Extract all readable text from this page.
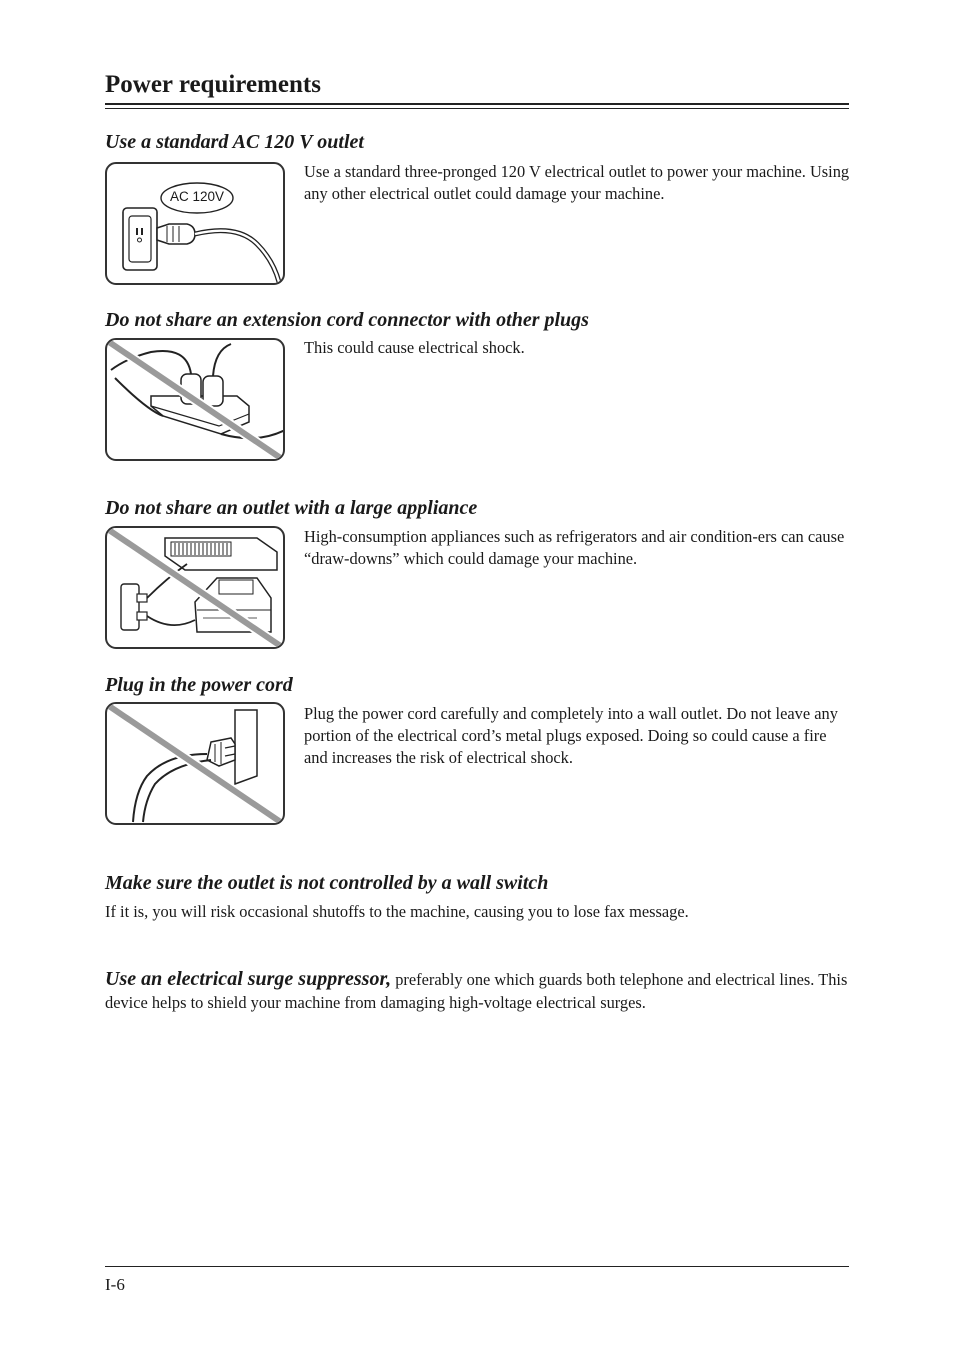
Power requirements
Use a standard AC 120 V outlet
AC 120V

Use a standard three-pronged 120 V electrical outlet to power your machine. Using any other electrical outlet could damage your machine.

Do not share an extension cord connector with other plugs

This could cause electrical shock.

Do not share an outlet with a large appliance

High-consumption appliances such as refrigerators and air condition-ers can cause “draw-downs” which could damage your machine.

Plug in the power cord

Plug the power cord carefully and completely into a wall outlet. Do not leave any portion of the electrical cord’s metal plugs exposed. Doing so could cause a fire and increases the risk of electrical shock.

Make sure the outlet is not controlled by a wall switch

If it is, you will risk occasional shutoffs to the machine, causing you to lose fax message.

Use an electrical surge suppressor, preferably one which guards both telephone and electrical lines. This device helps to shield your machine from damaging high-voltage electrical surges.

I-6
